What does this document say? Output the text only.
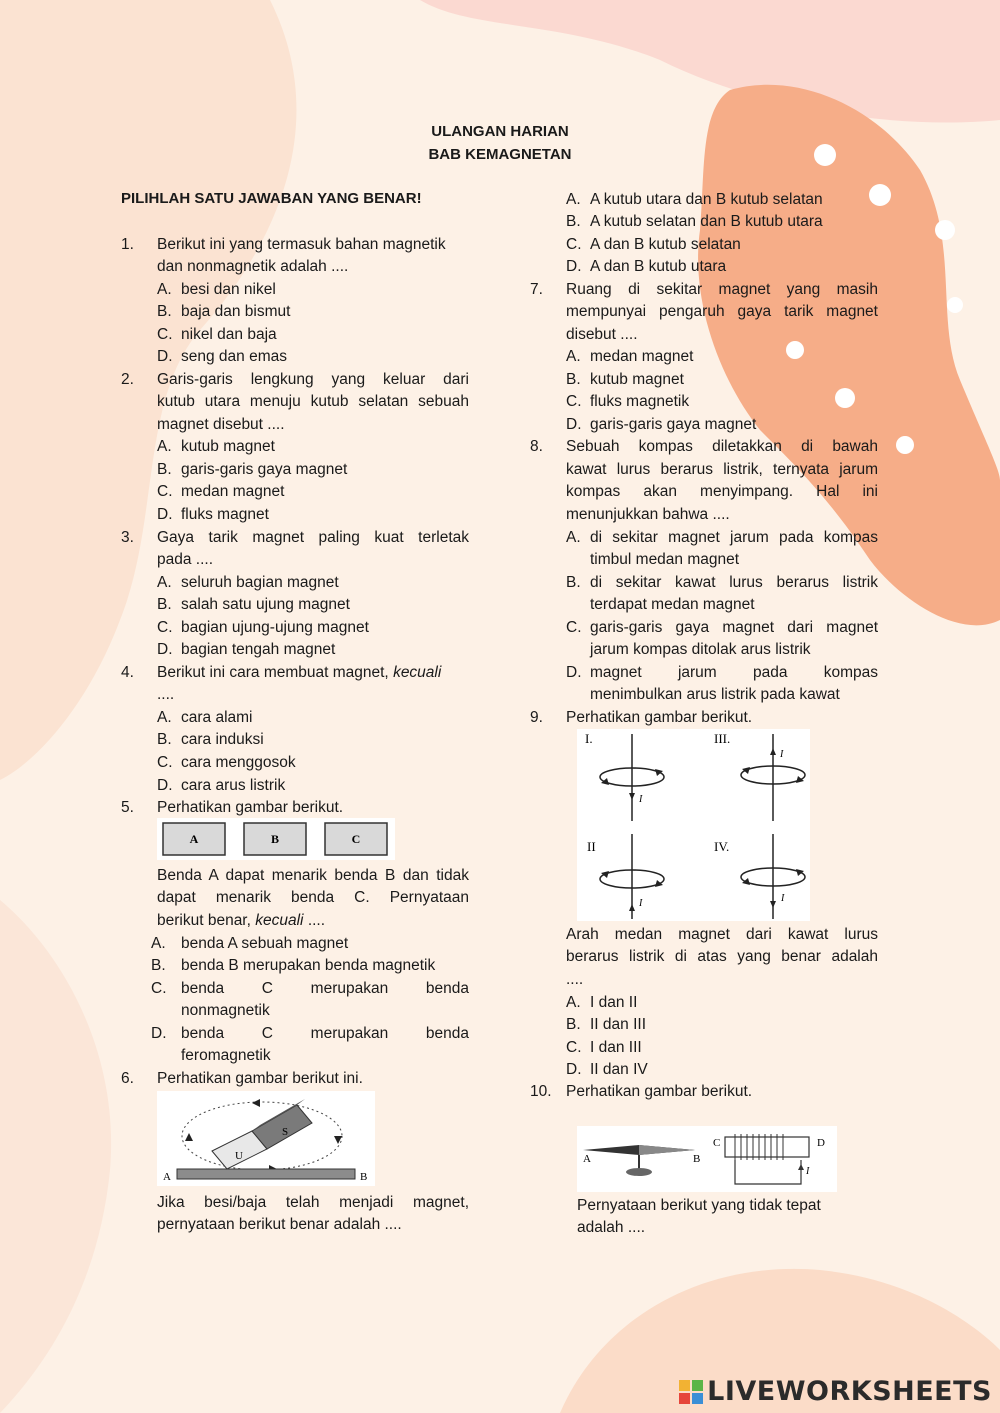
ULANGAN HARIAN
BAB KEMAGNETAN
PILIHLAH SATU JAWABAN YANG BENAR!
1. Berikut ini yang termasuk bahan magnetik
dan nonmagnetik adalah ....
A. besi dan nikel
B. baja dan bismut
C. nikel dan baja
D. seng dan emas
2. Garis-garis lengkung yang keluar dari
kutub utara menuju kutub selatan sebuah
magnet disebut ....
A. kutub magnet
B. garis-garis gaya magnet
C. medan magnet
D. fluks magnet
3. Gaya tarik magnet paling kuat terletak
pada ....
A. seluruh bagian magnet
B. salah satu ujung magnet
C. bagian ujung-ujung magnet
D. bagian tengah magnet
4. Berikut ini cara membuat magnet, kecuali
....
A. cara alami
B. cara induksi
C. cara menggosok
D. cara arus listrik
5. Perhatikan gambar berikut.
A	B	C
Benda A dapat menarik benda B dan tidak
dapat menarik benda C. Pernyataan
berikut benar, kecuali ....
A. benda A sebuah magnet
B. benda B merupakan benda magnetik
C. benda C merupakan benda
nonmagnetik
D. benda C merupakan benda
feromagnetik
6. Perhatikan gambar berikut ini.
U
S
A	B
Jika besi/baja telah menjadi magnet,
pernyataan berikut benar adalah ....
A. A kutub utara dan B kutub selatan
B. A kutub selatan dan B kutub utara
C. A dan B kutub selatan
D. A dan B kutub utara
7. Ruang di sekitar magnet yang masih
mempunyai pengaruh gaya tarik magnet
disebut ....
A. medan magnet
B. kutub magnet
C. fluks magnetik
D. garis-garis gaya magnet
8. Sebuah kompas diletakkan di bawah
kawat lurus berarus listrik, ternyata jarum
kompas akan menyimpang. Hal ini
menunjukkan bahwa ....
A. di sekitar magnet jarum pada kompas
timbul medan magnet
B. di sekitar kawat lurus berarus listrik
terdapat medan magnet
C. garis-garis gaya magnet dari magnet
jarum kompas ditolak arus listrik
D. magnet jarum pada kompas
menimbulkan arus listrik pada kawat
9. Perhatikan gambar berikut.
I.	III.
II	IV.
I
I
I	I
Arah medan magnet dari kawat lurus
berarus listrik di atas yang benar adalah
....
A. I dan II
B. II dan III
C. I dan III
D. II dan IV
10. Perhatikan gambar berikut.
A	B
C	D
I
Pernyataan berikut yang tidak tepat
adalah ....
LIVEWORKSHEETS
